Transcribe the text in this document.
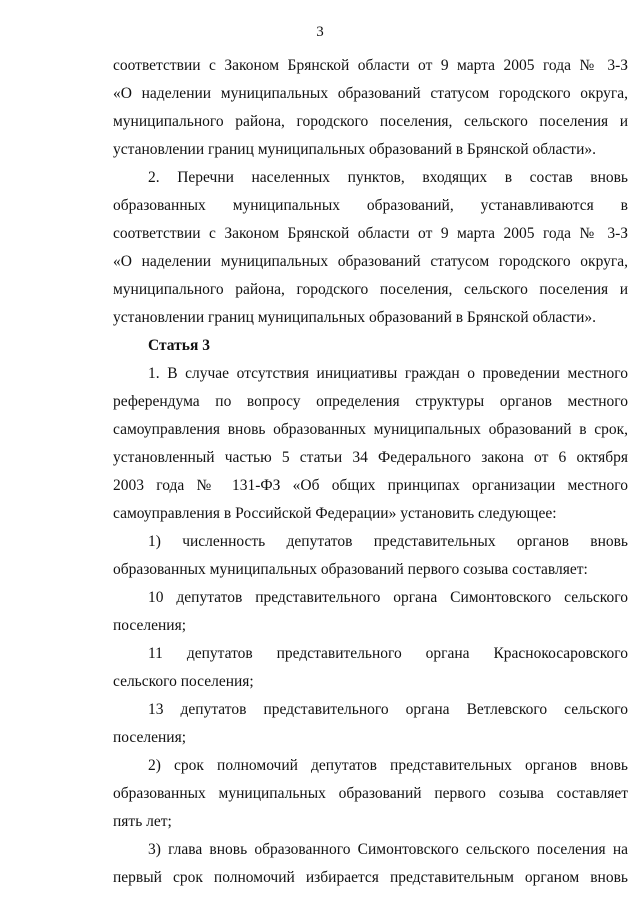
3
соответствии с Законом Брянской области от 9 марта 2005 года № 3-З
«О наделении муниципальных образований статусом городского округа,
муниципального района, городского поселения, сельского поселения и
установлении границ муниципальных образований в Брянской области».
2. Перечни населенных пунктов, входящих в состав вновь
образованных муниципальных образований, устанавливаются в
соответствии с Законом Брянской области от 9 марта 2005 года № 3-З
«О наделении муниципальных образований статусом городского округа,
муниципального района, городского поселения, сельского поселения и
установлении границ муниципальных образований в Брянской области».
Статья 3
1. В случае отсутствия инициативы граждан о проведении местного
референдума по вопросу определения структуры органов местного
самоуправления вновь образованных муниципальных образований в срок,
установленный частью 5 статьи 34 Федерального закона от 6 октября
2003 года № 131-ФЗ «Об общих принципах организации местного
самоуправления в Российской Федерации» установить следующее:
1) численность депутатов представительных органов вновь
образованных муниципальных образований первого созыва составляет:
10 депутатов представительного органа Симонтовского сельского
поселения;
11 депутатов представительного органа Краснокосаровского
сельского поселения;
13 депутатов представительного органа Ветлевского сельского
поселения;
2) срок полномочий депутатов представительных органов вновь
образованных муниципальных образований первого созыва составляет
пять лет;
3) глава вновь образованного Симонтовского сельского поселения на
первый срок полномочий избирается представительным органом вновь
